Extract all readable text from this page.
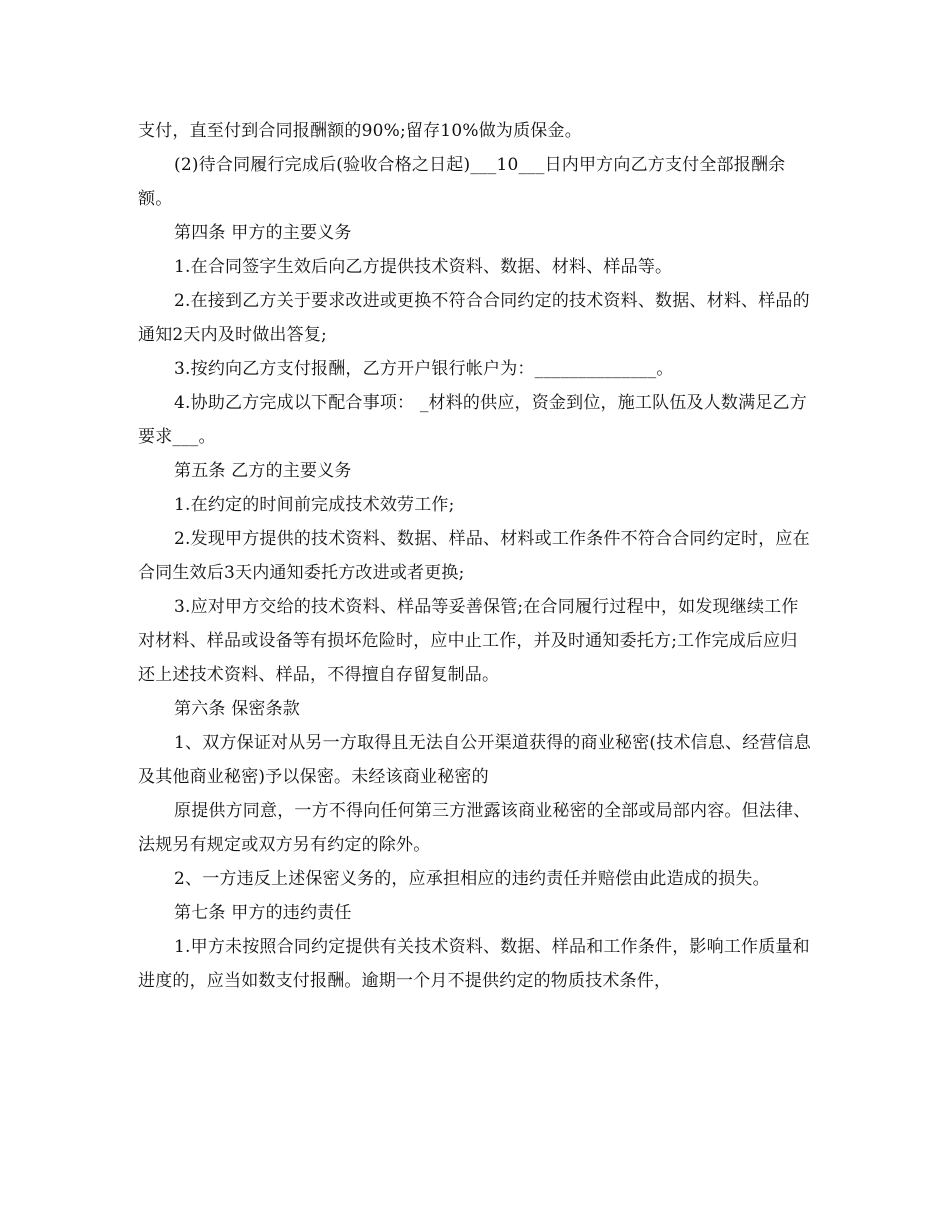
支付，直至付到合同报酬额的90%;留存10%做为质保金。

(2)待合同履行完成后(验收合格之日起)___10___日内甲方向乙方支付全部报酬余额。

第四条 甲方的主要义务

1.在合同签字生效后向乙方提供技术资料、数据、材料、样品等。

2.在接到乙方关于要求改进或更换不符合合同约定的技术资料、数据、材料、样品的通知2天内及时做出答复;

3.按约向乙方支付报酬，乙方开户银行帐户为：______________。

4.协助乙方完成以下配合事项： _材料的供应，资金到位，施工队伍及人数满足乙方要求___。

第五条 乙方的主要义务

1.在约定的时间前完成技术效劳工作;

2.发现甲方提供的技术资料、数据、样品、材料或工作条件不符合合同约定时，应在合同生效后3天内通知委托方改进或者更换;

3.应对甲方交给的技术资料、样品等妥善保管;在合同履行过程中，如发现继续工作对材料、样品或设备等有损坏危险时，应中止工作，并及时通知委托方;工作完成后应归还上述技术资料、样品，不得擅自存留复制品。

第六条 保密条款

1、双方保证对从另一方取得且无法自公开渠道获得的商业秘密(技术信息、经营信息及其他商业秘密)予以保密。未经该商业秘密的

原提供方同意，一方不得向任何第三方泄露该商业秘密的全部或局部内容。但法律、法规另有规定或双方另有约定的除外。

2、一方违反上述保密义务的，应承担相应的违约责任并赔偿由此造成的损失。

第七条 甲方的违约责任

1.甲方未按照合同约定提供有关技术资料、数据、样品和工作条件，影响工作质量和进度的，应当如数支付报酬。逾期一个月不提供约定的物质技术条件，
